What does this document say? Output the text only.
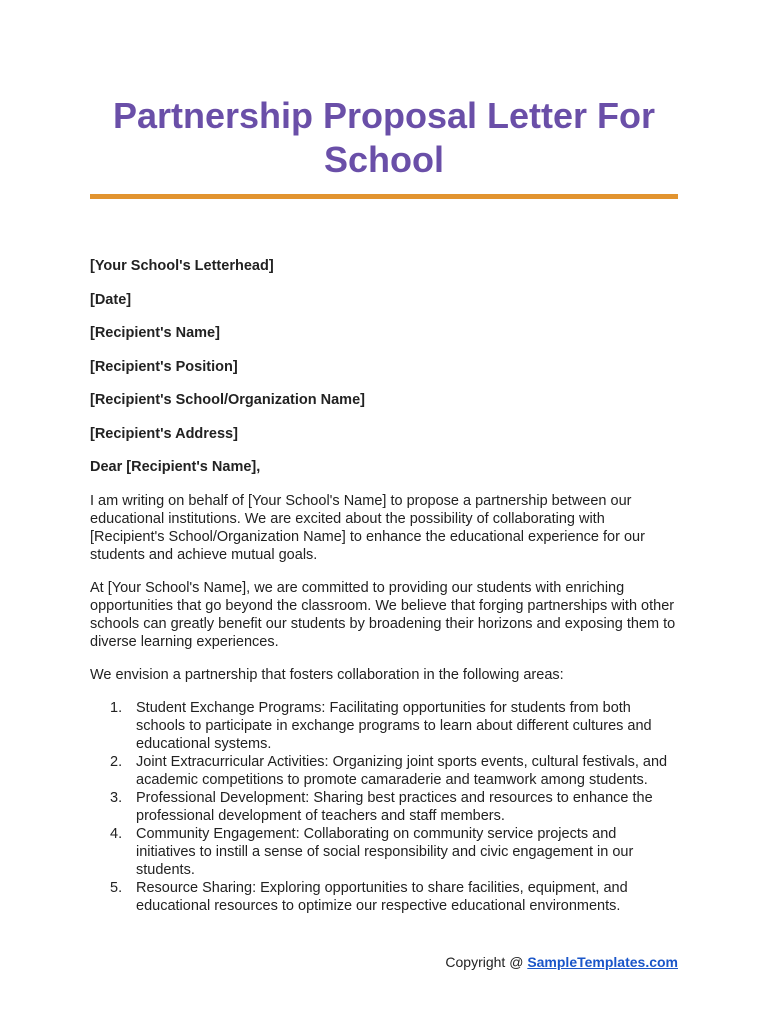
Partnership Proposal Letter For School

[Your School's Letterhead]

[Date]

[Recipient's Name]

[Recipient's Position]

[Recipient's School/Organization Name]

[Recipient's Address]

Dear [Recipient's Name],

I am writing on behalf of [Your School's Name] to propose a partnership between our educational institutions. We are excited about the possibility of collaborating with [Recipient's School/Organization Name] to enhance the educational experience for our students and achieve mutual goals.

At [Your School's Name], we are committed to providing our students with enriching opportunities that go beyond the classroom. We believe that forging partnerships with other schools can greatly benefit our students by broadening their horizons and exposing them to diverse learning experiences.

We envision a partnership that fosters collaboration in the following areas:

1. Student Exchange Programs: Facilitating opportunities for students from both schools to participate in exchange programs to learn about different cultures and educational systems.
2. Joint Extracurricular Activities: Organizing joint sports events, cultural festivals, and academic competitions to promote camaraderie and teamwork among students.
3. Professional Development: Sharing best practices and resources to enhance the professional development of teachers and staff members.
4. Community Engagement: Collaborating on community service projects and initiatives to instill a sense of social responsibility and civic engagement in our students.
5. Resource Sharing: Exploring opportunities to share facilities, equipment, and educational resources to optimize our respective educational environments.
Copyright @ SampleTemplates.com
